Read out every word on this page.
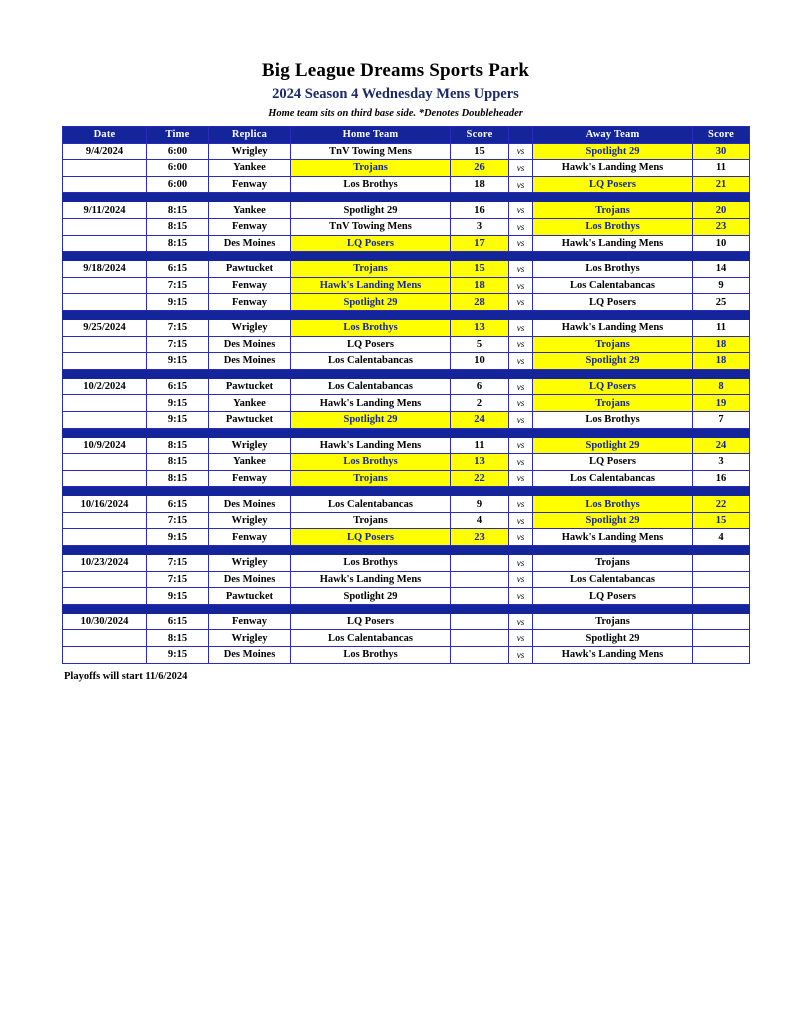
Big League Dreams Sports Park
2024 Season 4 Wednesday Mens Uppers
Home team sits on third base side. *Denotes Doubleheader
Date	Time	Replica	Home Team	Score		Away Team	Score
9/4/2024	6:00	Wrigley	TnV Towing Mens	15	vs	Spotlight 29	30
	6:00	Yankee	Trojans	26	vs	Hawk's Landing Mens	11
	6:00	Fenway	Los Brothys	18	vs	LQ Posers	21

9/11/2024	8:15	Yankee	Spotlight 29	16	vs	Trojans	20
	8:15	Fenway	TnV Towing Mens	3	vs	Los Brothys	23
	8:15	Des Moines	LQ Posers	17	vs	Hawk's Landing Mens	10

9/18/2024	6:15	Pawtucket	Trojans	15	vs	Los Brothys	14
	7:15	Fenway	Hawk's Landing Mens	18	vs	Los Calentabancas	9
	9:15	Fenway	Spotlight 29	28	vs	LQ Posers	25

9/25/2024	7:15	Wrigley	Los Brothys	13	vs	Hawk's Landing Mens	11
	7:15	Des Moines	LQ Posers	5	vs	Trojans	18
	9:15	Des Moines	Los Calentabancas	10	vs	Spotlight 29	18

10/2/2024	6:15	Pawtucket	Los Calentabancas	6	vs	LQ Posers	8
	9:15	Yankee	Hawk's Landing Mens	2	vs	Trojans	19
	9:15	Pawtucket	Spotlight 29	24	vs	Los Brothys	7

10/9/2024	8:15	Wrigley	Hawk's Landing Mens	11	vs	Spotlight 29	24
	8:15	Yankee	Los Brothys	13	vs	LQ Posers	3
	8:15	Fenway	Trojans	22	vs	Los Calentabancas	16

10/16/2024	6:15	Des Moines	Los Calentabancas	9	vs	Los Brothys	22
	7:15	Wrigley	Trojans	4	vs	Spotlight 29	15
	9:15	Fenway	LQ Posers	23	vs	Hawk's Landing Mens	4

10/23/2024	7:15	Wrigley	Los Brothys		vs	Trojans	
	7:15	Des Moines	Hawk's Landing Mens		vs	Los Calentabancas	
	9:15	Pawtucket	Spotlight 29		vs	LQ Posers	

10/30/2024	6:15	Fenway	LQ Posers		vs	Trojans	
	8:15	Wrigley	Los Calentabancas		vs	Spotlight 29	
	9:15	Des Moines	Los Brothys		vs	Hawk's Landing Mens	
Playoffs will start 11/6/2024
